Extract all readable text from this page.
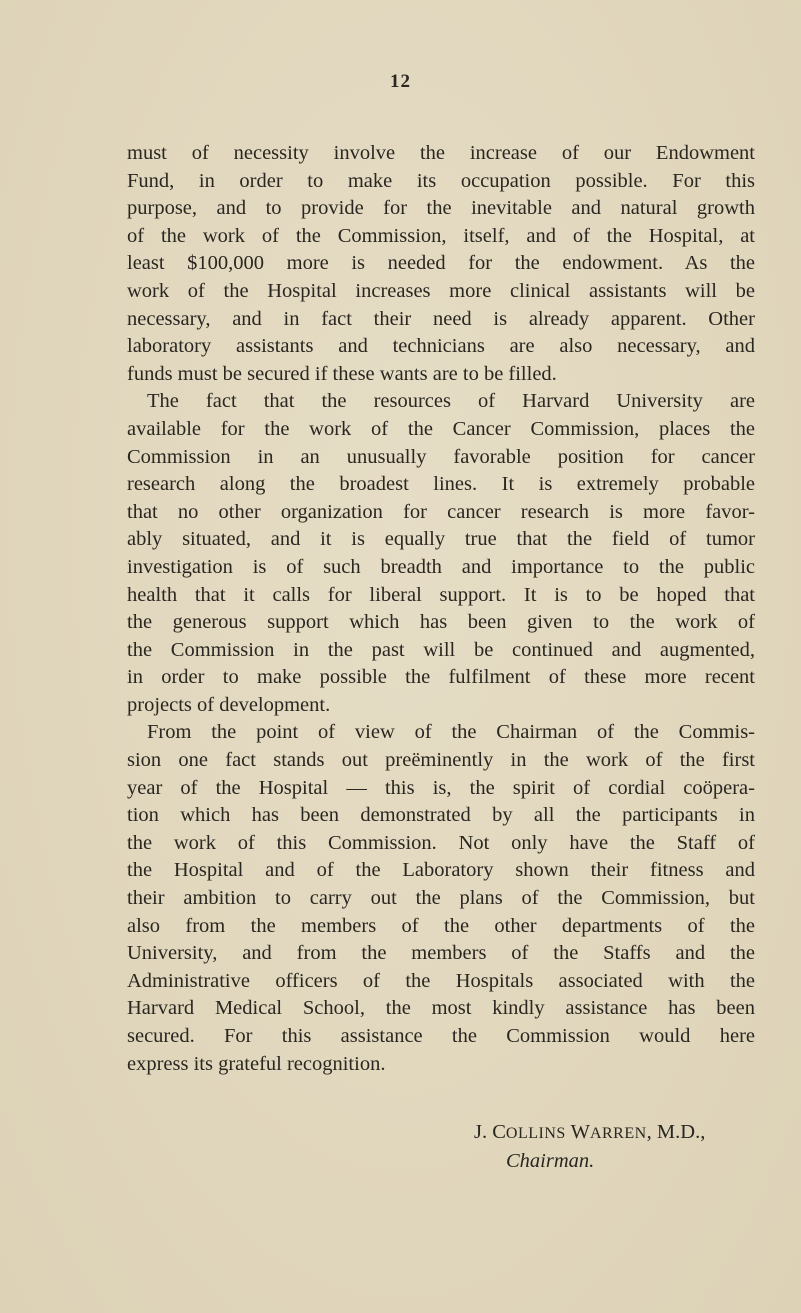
12
must of necessity involve the increase of our Endowment
Fund, in order to make its occupation possible. For this
purpose, and to provide for the inevitable and natural growth
of the work of the Commission, itself, and of the Hospital, at
least $100,000 more is needed for the endowment. As the
work of the Hospital increases more clinical assistants will be
necessary, and in fact their need is already apparent. Other
laboratory assistants and technicians are also necessary, and
funds must be secured if these wants are to be filled.
The fact that the resources of Harvard University are
available for the work of the Cancer Commission, places the
Commission in an unusually favorable position for cancer
research along the broadest lines. It is extremely probable
that no other organization for cancer research is more favor-
ably situated, and it is equally true that the field of tumor
investigation is of such breadth and importance to the public
health that it calls for liberal support. It is to be hoped that
the generous support which has been given to the work of
the Commission in the past will be continued and augmented,
in order to make possible the fulfilment of these more recent
projects of development.
From the point of view of the Chairman of the Commis-
sion one fact stands out preëminently in the work of the first
year of the Hospital — this is, the spirit of cordial coöpera-
tion which has been demonstrated by all the participants in
the work of this Commission. Not only have the Staff of
the Hospital and of the Laboratory shown their fitness and
their ambition to carry out the plans of the Commission, but
also from the members of the other departments of the
University, and from the members of the Staffs and the
Administrative officers of the Hospitals associated with the
Harvard Medical School, the most kindly assistance has been
secured. For this assistance the Commission would here
express its grateful recognition.
J. COLLINS WARREN, M.D.,
Chairman.
